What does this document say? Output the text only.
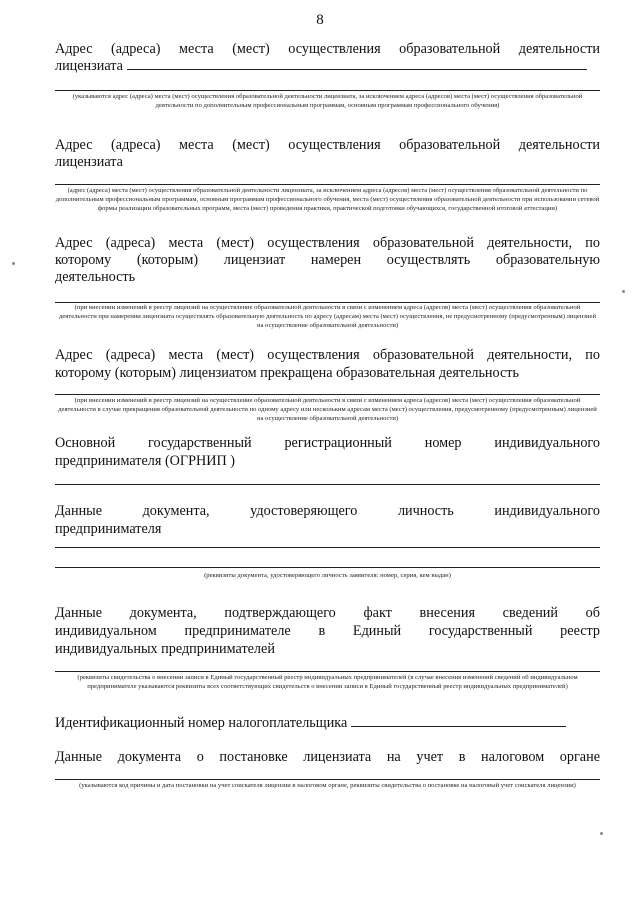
8
Адрес (адреса) места (мест) осуществления образовательной деятельности
лицензиата
(указываются адрес (адреса) места (мест) осуществления образовательной деятельности лицензиата, за исключением адреса (адресов) места (мест) осуществления образовательной деятельности по дополнительным профессиональным программам, основным программам профессионального обучения)
Адрес (адреса) места (мест) осуществления образовательной деятельности
лицензиата
(адрес (адреса) места (мест) осуществления образовательной деятельности лицензиата, за исключением адреса (адресов) места (мест) осуществления образовательной деятельности по дополнительным профессиональным программам, основным программам профессионального обучения, места (мест) осуществления образовательной деятельности при использовании сетевой формы реализации образовательных программ, места (мест) проведения практики, практической подготовки обучающихся, государственной итоговой аттестации)
Адрес (адреса) места (мест) осуществления образовательной деятельности, по
которому (которым) лицензиат намерен осуществлять образовательную
деятельность
(при внесении изменений в реестр лицензий на осуществление образовательной деятельности в связи с изменением адреса (адресов) места (мест) осуществления образовательной деятельности при намерении лицензиата осуществлять образовательную деятельность по адресу (адресам) места (мест) осуществления, не предусмотренному (предусмотренным) лицензией на осуществление образовательной деятельности)
Адрес (адреса) места (мест) осуществления образовательной деятельности, по
которому (которым) лицензиатом прекращена образовательная деятельность
(при внесении изменений в реестр лицензий на осуществление образовательной деятельности в связи с изменением адреса (адресов) места (мест) осуществления образовательной деятельности в случае прекращения образовательной деятельности по одному адресу или нескольким адресам места (мест) осуществления, предусмотренному (предусмотренным) лицензией на осуществление образовательной деятельности)
Основной государственный регистрационный номер индивидуального
предпринимателя (ОГРНИП )
Данные документа, удостоверяющего личность индивидуального
предпринимателя
(реквизиты документа, удостоверяющего личность заявителя: номер, серия, кем выдан)
Данные документа, подтверждающего факт внесения сведений об
индивидуальном предпринимателе в Единый государственный реестр
индивидуальных предпринимателей
(реквизиты свидетельства о внесении записи в Единый государственный реестр индивидуальных предпринимателей (в случае внесения изменений сведений об индивидуальном предпринимателе указываются реквизиты всех соответствующих свидетельств о внесении записи в Единый государственный реестр индивидуальных предпринимателей)
Идентификационный номер налогоплательщика
Данные документа о постановке лицензиата на учет в налоговом органе
(указываются код причины и дата постановки на учет соискателя лицензии в налоговом органе, реквизиты свидетельства о постановке на налоговый учет соискателя лицензии)
